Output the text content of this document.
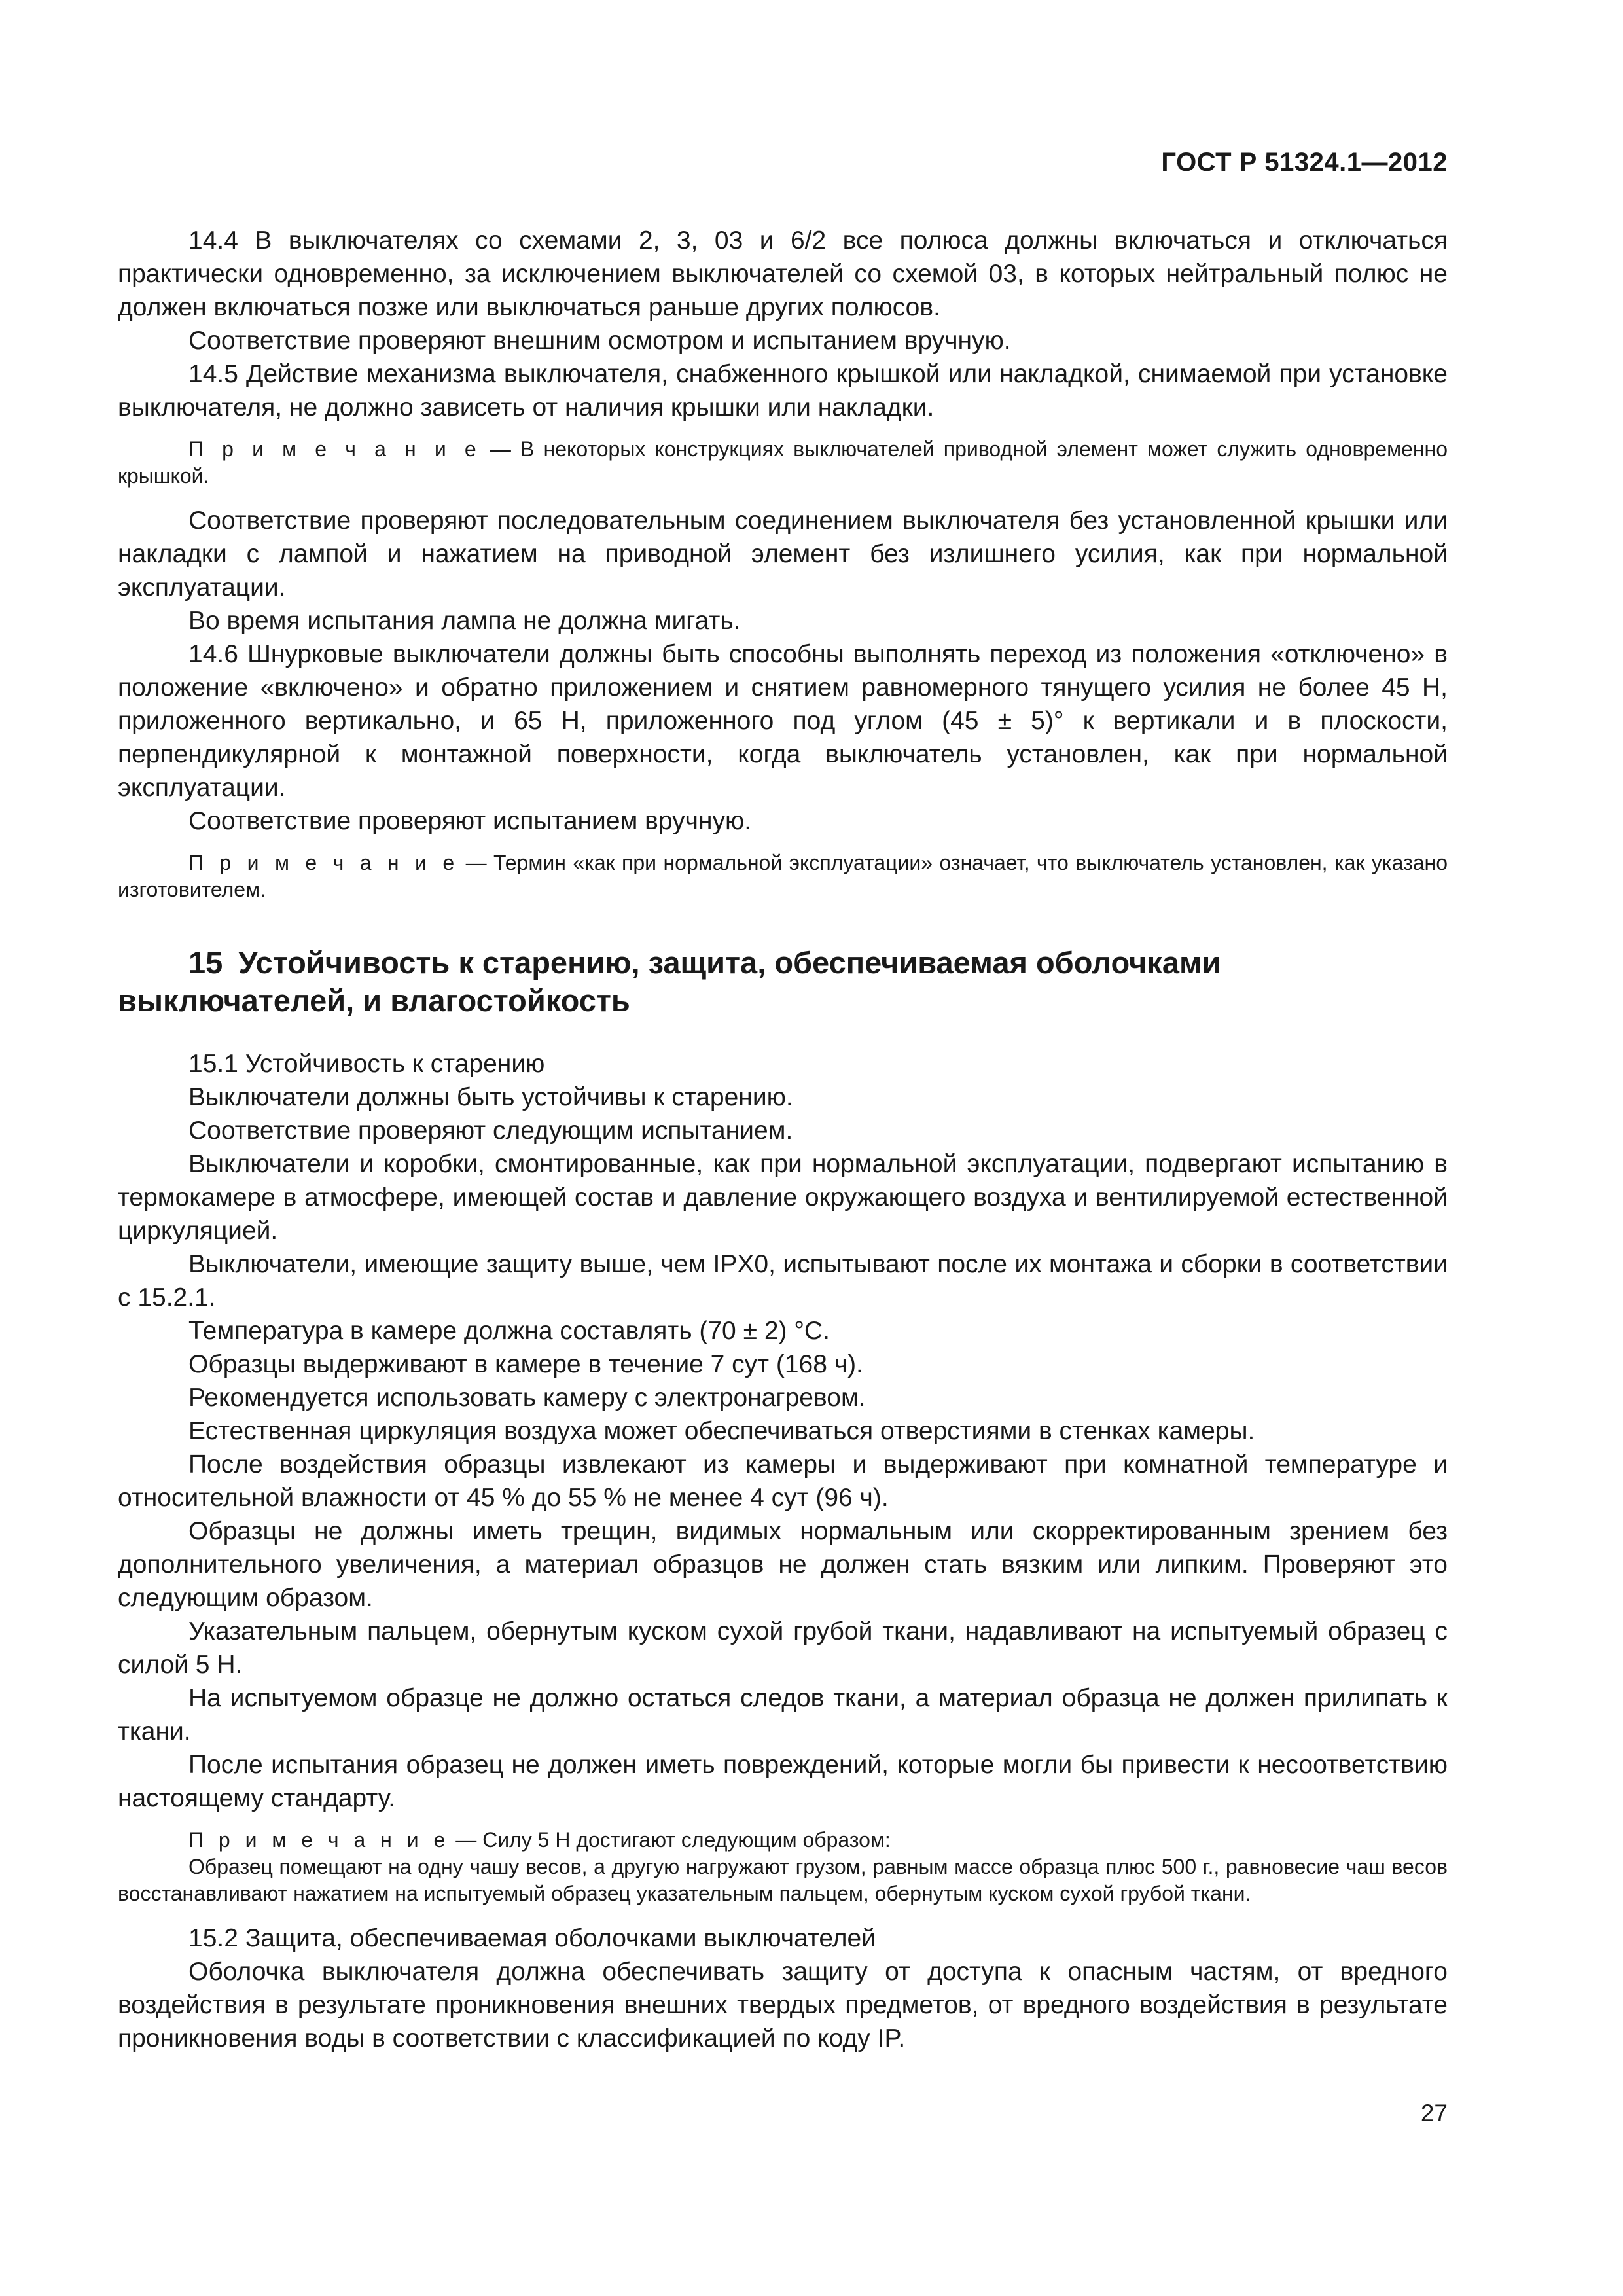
ГОСТ Р 51324.1—2012

14.4 В выключателях со схемами 2, 3, 03 и 6/2 все полюса должны включаться и отключаться практически одновременно, за исключением выключателей со схемой 03, в которых нейтральный полюс не должен включаться позже или выключаться раньше других полюсов.

Соответствие проверяют внешним осмотром и испытанием вручную.

14.5 Действие механизма выключателя, снабженного крышкой или накладкой, снимаемой при установке выключателя, не должно зависеть от наличия крышки или накладки.

П р и м е ч а н и е — В некоторых конструкциях выключателей приводной элемент может служить одновременно крышкой.

Соответствие проверяют последовательным соединением выключателя без установленной крышки или накладки с лампой и нажатием на приводной элемент без излишнего усилия, как при нормальной эксплуатации.

Во время испытания лампа не должна мигать.

14.6 Шнурковые выключатели должны быть способны выполнять переход из положения «отключено» в положение «включено» и обратно приложением и снятием равномерного тянущего усилия не более 45 Н, приложенного вертикально, и 65 Н, приложенного под углом (45 ± 5)° к вертикали и в плоскости, перпендикулярной к монтажной поверхности, когда выключатель установлен, как при нормальной эксплуатации.

Соответствие проверяют испытанием вручную.

П р и м е ч а н и е — Термин «как при нормальной эксплуатации» означает, что выключатель установлен, как указано изготовителем.

15 Устойчивость к старению, защита, обеспечиваемая оболочками
выключателей, и влагостойкость

15.1 Устойчивость к старению

Выключатели должны быть устойчивы к старению.

Соответствие проверяют следующим испытанием.

Выключатели и коробки, смонтированные, как при нормальной эксплуатации, подвергают испытанию в термокамере в атмосфере, имеющей состав и давление окружающего воздуха и вентилируемой естественной циркуляцией.

Выключатели, имеющие защиту выше, чем IPX0, испытывают после их монтажа и сборки в соответствии с 15.2.1.

Температура в камере должна составлять (70 ± 2) °С.

Образцы выдерживают в камере в течение 7 сут (168 ч).

Рекомендуется использовать камеру с электронагревом.

Естественная циркуляция воздуха может обеспечиваться отверстиями в стенках камеры.

После воздействия образцы извлекают из камеры и выдерживают при комнатной температуре и относительной влажности от 45 % до 55 % не менее 4 сут (96 ч).

Образцы не должны иметь трещин, видимых нормальным или скорректированным зрением без дополнительного увеличения, а материал образцов не должен стать вязким или липким. Проверяют это следующим образом.

Указательным пальцем, обернутым куском сухой грубой ткани, надавливают на испытуемый образец с силой 5 Н.

На испытуемом образце не должно остаться следов ткани, а материал образца не должен прилипать к ткани.

После испытания образец не должен иметь повреждений, которые могли бы привести к несоответствию настоящему стандарту.

П р и м е ч а н и е — Силу 5 Н достигают следующим образом:

Образец помещают на одну чашу весов, а другую нагружают грузом, равным массе образца плюс 500 г., равновесие чаш весов восстанавливают нажатием на испытуемый образец указательным пальцем, обернутым куском сухой грубой ткани.

15.2 Защита, обеспечиваемая оболочками выключателей

Оболочка выключателя должна обеспечивать защиту от доступа к опасным частям, от вредного воздействия в результате проникновения внешних твердых предметов, от вредного воздействия в результате проникновения воды в соответствии с классификацией по коду IP.

27
